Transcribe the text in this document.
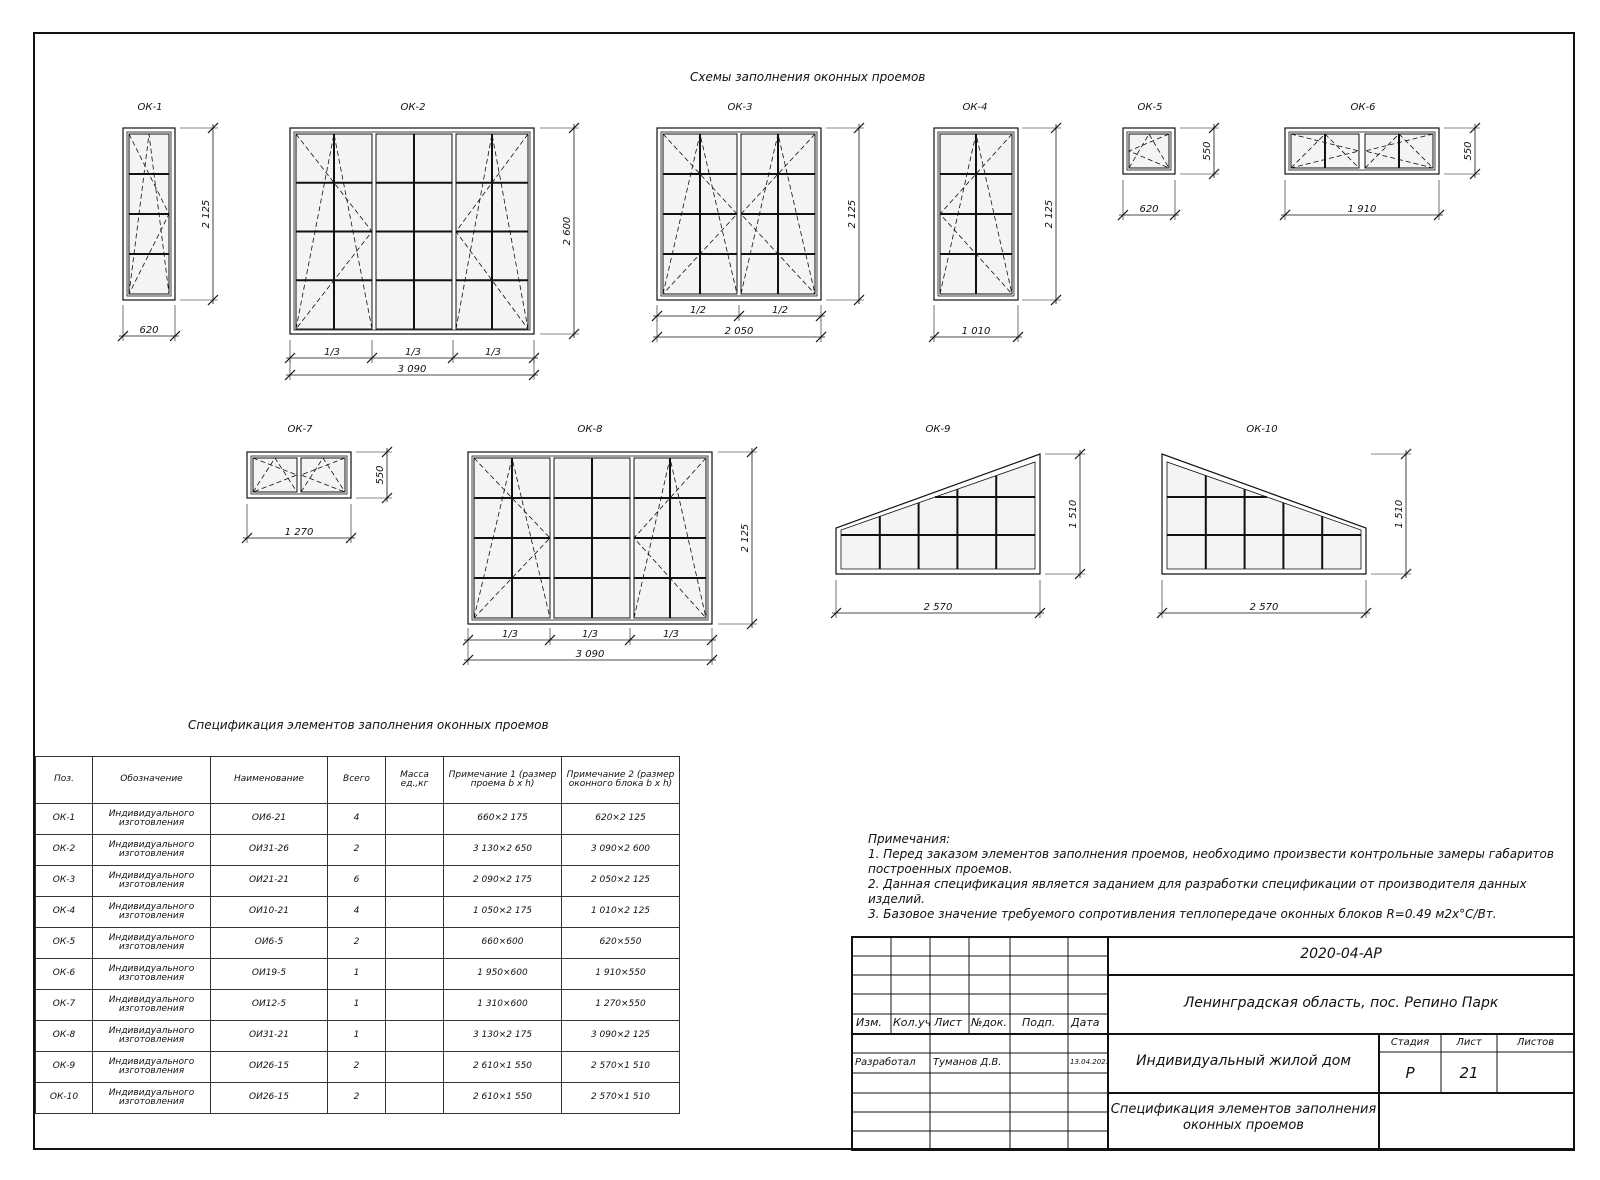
Схемы заполнения оконных проемов
ОК-1
2 125
620
ОК-2
2 600
1/3	1/3	1/3
3 090
ОК-3
2 125
1/2	1/2
2 050
ОК-4
2 125
1 010
ОК-5
550
620
ОК-6
550
1 910
ОК-7
550
1 270
ОК-8
2 125
1/3	1/3	1/3
3 090
ОК-9
1 510
2 570
ОК-10
1 510
2 570
Спецификация элементов заполнения оконных проемов
Поз.	Обозначение	Наименование	Всего	Масса ед.,кг	Примечание 1 (размер проема b x h)	Примечание 2 (размер оконного блока b x h)
ОК-1	Индивидуального изготовления	ОИ6-21	4		660×2 175	620×2 125
ОК-2	Индивидуального изготовления	ОИ31-26	2		3 130×2 650	3 090×2 600
ОК-3	Индивидуального изготовления	ОИ21-21	6		2 090×2 175	2 050×2 125
ОК-4	Индивидуального изготовления	ОИ10-21	4		1 050×2 175	1 010×2 125
ОК-5	Индивидуального изготовления	ОИ6-5	2		660×600	620×550
ОК-6	Индивидуального изготовления	ОИ19-5	1		1 950×600	1 910×550
ОК-7	Индивидуального изготовления	ОИ12-5	1		1 310×600	1 270×550
ОК-8	Индивидуального изготовления	ОИ31-21	1		3 130×2 175	3 090×2 125
ОК-9	Индивидуального изготовления	ОИ26-15	2		2 610×1 550	2 570×1 510
ОК-10	Индивидуального изготовления	ОИ26-15	2		2 610×1 550	2 570×1 510
Примечания:
1. Перед заказом элементов заполнения проемов, необходимо произвести контрольные замеры габаритов построенных проемов.
2. Данная спецификация является заданием для разработки спецификации от производителя данных изделий.
3. Базовое значение требуемого сопротивления теплопередаче оконных блоков R=0.49 м2х°С/Вт.
Изм. Кол.уч Лист №док. Подп. Дата
Разработал Туманов Д.В.	13.04.2021
2020-04-АР
Ленинградская область, пос. Репино Парк
Индивидуальный жилой дом
Спецификация элементов заполнения оконных проемов
Стадия	Лист	Листов
Р	21
